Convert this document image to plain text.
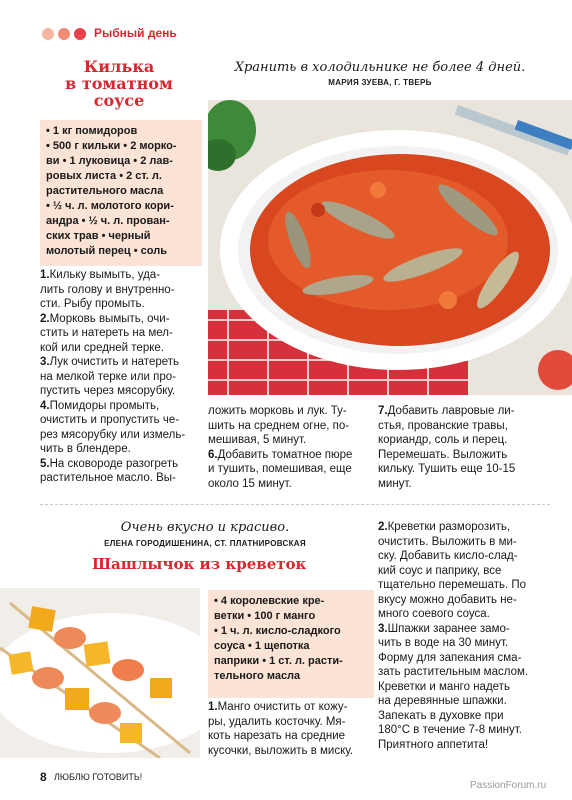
Рыбный день
Килька
в томатном
соусе
Хранить в холодильнике не более 4 дней.
МАРИЯ ЗУЕВА, Г. ТВЕРЬ
• 1 кг помидоров
• 500 г кильки • 2 морко-
ви • 1 луковица • 2 лав-
ровых листа • 2 ст. л.
растительного масла
• ½ ч. л. молотого кори-
андра • ½ ч. л. прован-
ских трав • черный
молотый перец • соль

1.Кильку вымыть, уда-

лить голову и внутренно-

сти. Рыбу промыть.

2.Морковь вымыть, очи-

стить и натереть на мел-

кой или средней терке.

3.Лук очистить и натереть

на мелкой терке или про-

пустить через мясорубку.

4.Помидоры промыть,

очистить и пропустить че-

рез мясорубку или измель-

чить в блендере.

5.На сковороде разогреть

растительное масло. Вы-

ложить морковь и лук. Ту-

шить на среднем огне, по-

мешивая, 5 минут.

6.Добавить томатное пюре

и тушить, помешивая, еще

около 15 минут.

7.Добавить лавровые ли-

стья, прованские травы,

кориандр, соль и перец.

Перемешать. Выложить

кильку. Тушить еще 10-15

минут.

Очень вкусно и красиво.
ЕЛЕНА ГОРОДИШЕНИНА, СТ. ПЛАТНИРОВСКАЯ
Шашлычок из креветок
• 4 королевские кре-
ветки • 100 г манго
• 1 ч. л. кисло-сладкого
соуса • 1 щепотка
паприки • 1 ст. л. расти-
тельного масла

1.Манго очистить от кожу-

ры, удалить косточку. Мя-

коть нарезать на средние

кусочки, выложить в миску.

2.Креветки разморозить,

очистить. Выложить в ми-

ску. Добавить кисло-слад-

кий соус и паприку, все

тщательно перемешать. По

вкусу можно добавить не-

много соевого соуса.

3.Шпажки заранее замо-

чить в воде на 30 минут.

Форму для запекания сма-

зать растительным маслом.

Креветки и манго надеть

на деревянные шпажки.

Запекать в духовке при

180°С в течение 7-8 минут.

Приятного аппетита!

8 ЛЮБЛЮ ГОТОВИТЬ!
PassionForum.ru
